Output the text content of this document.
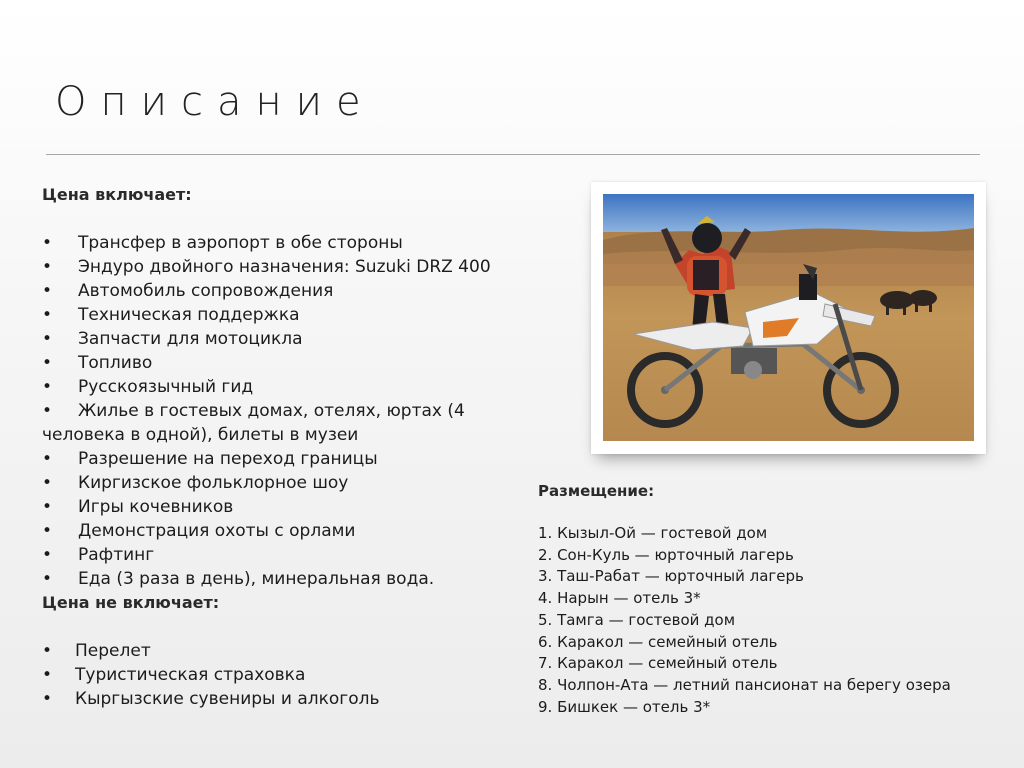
Описание
Цена включает:
• Трансфер в аэропорт в обе стороны
• Эндуро двойного назначения: Suzuki DRZ 400
• Автомобиль сопровождения
• Техническая поддержка
• Запчасти для мотоцикла
• Топливо
• Русскоязычный гид
• Жилье в гостевых домах, отелях, юртах (4 человека в одной), билеты в музеи
• Разрешение на переход границы
• Киргизское фольклорное шоу
• Игры кочевников
• Демонстрация охоты с орлами
• Рафтинг
• Еда (3 раза в день), минеральная вода.
Цена не включает:
• Перелет
• Туристическая страховка
• Кыргызские сувениры и алкоголь
Размещение:
1. Кызыл-Ой — гостевой дом
2. Сон-Куль — юрточный лагерь
3. Таш-Рабат — юрточный лагерь
4. Нарын — отель 3*
5. Тамга — гостевой дом
6. Каракол — семейный отель
7. Каракол — семейный отель
8. Чолпон-Ата — летний пансионат на берегу озера
9. Бишкек — отель 3*
